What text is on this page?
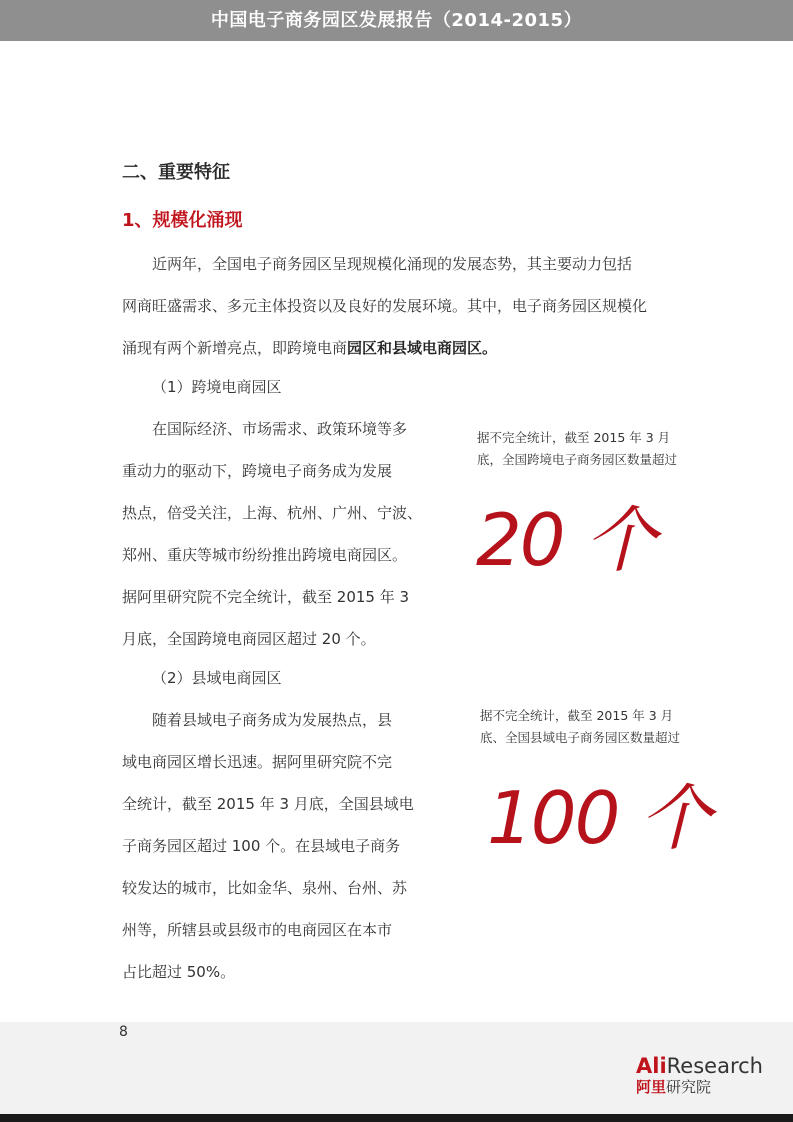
中国电子商务园区发展报告（2014-2015）
二、重要特征
1、规模化涌现

近两年，全国电子商务园区呈现规模化涌现的发展态势，其主要动力包括
网商旺盛需求、多元主体投资以及良好的发展环境。其中，电子商务园区规模化
涌现有两个新增亮点，即跨境电商园区和县域电商园区。

（1）跨境电商园区

在国际经济、市场需求、政策环境等多
重动力的驱动下，跨境电子商务成为发展
热点，倍受关注，上海、杭州、广州、宁波、
郑州、重庆等城市纷纷推出跨境电商园区。
据阿里研究院不完全统计，截至 2015 年 3
月底，全国跨境电商园区超过 20 个。

据不完全统计，截至 2015 年 3 月底，全国跨境电子商务园区数量超过

20 个
（2）县域电商园区

随着县域电子商务成为发展热点，县
域电商园区增长迅速。据阿里研究院不完
全统计，截至 2015 年 3 月底，全国县域电
子商务园区超过 100 个。在县域电子商务
较发达的城市，比如金华、泉州、台州、苏
州等，所辖县或县级市的电商园区在本市
占比超过 50%。

据不完全统计，截至 2015 年 3 月底、全国县域电子商务园区数量超过

100 个
8
AliResearch
阿里研究院
